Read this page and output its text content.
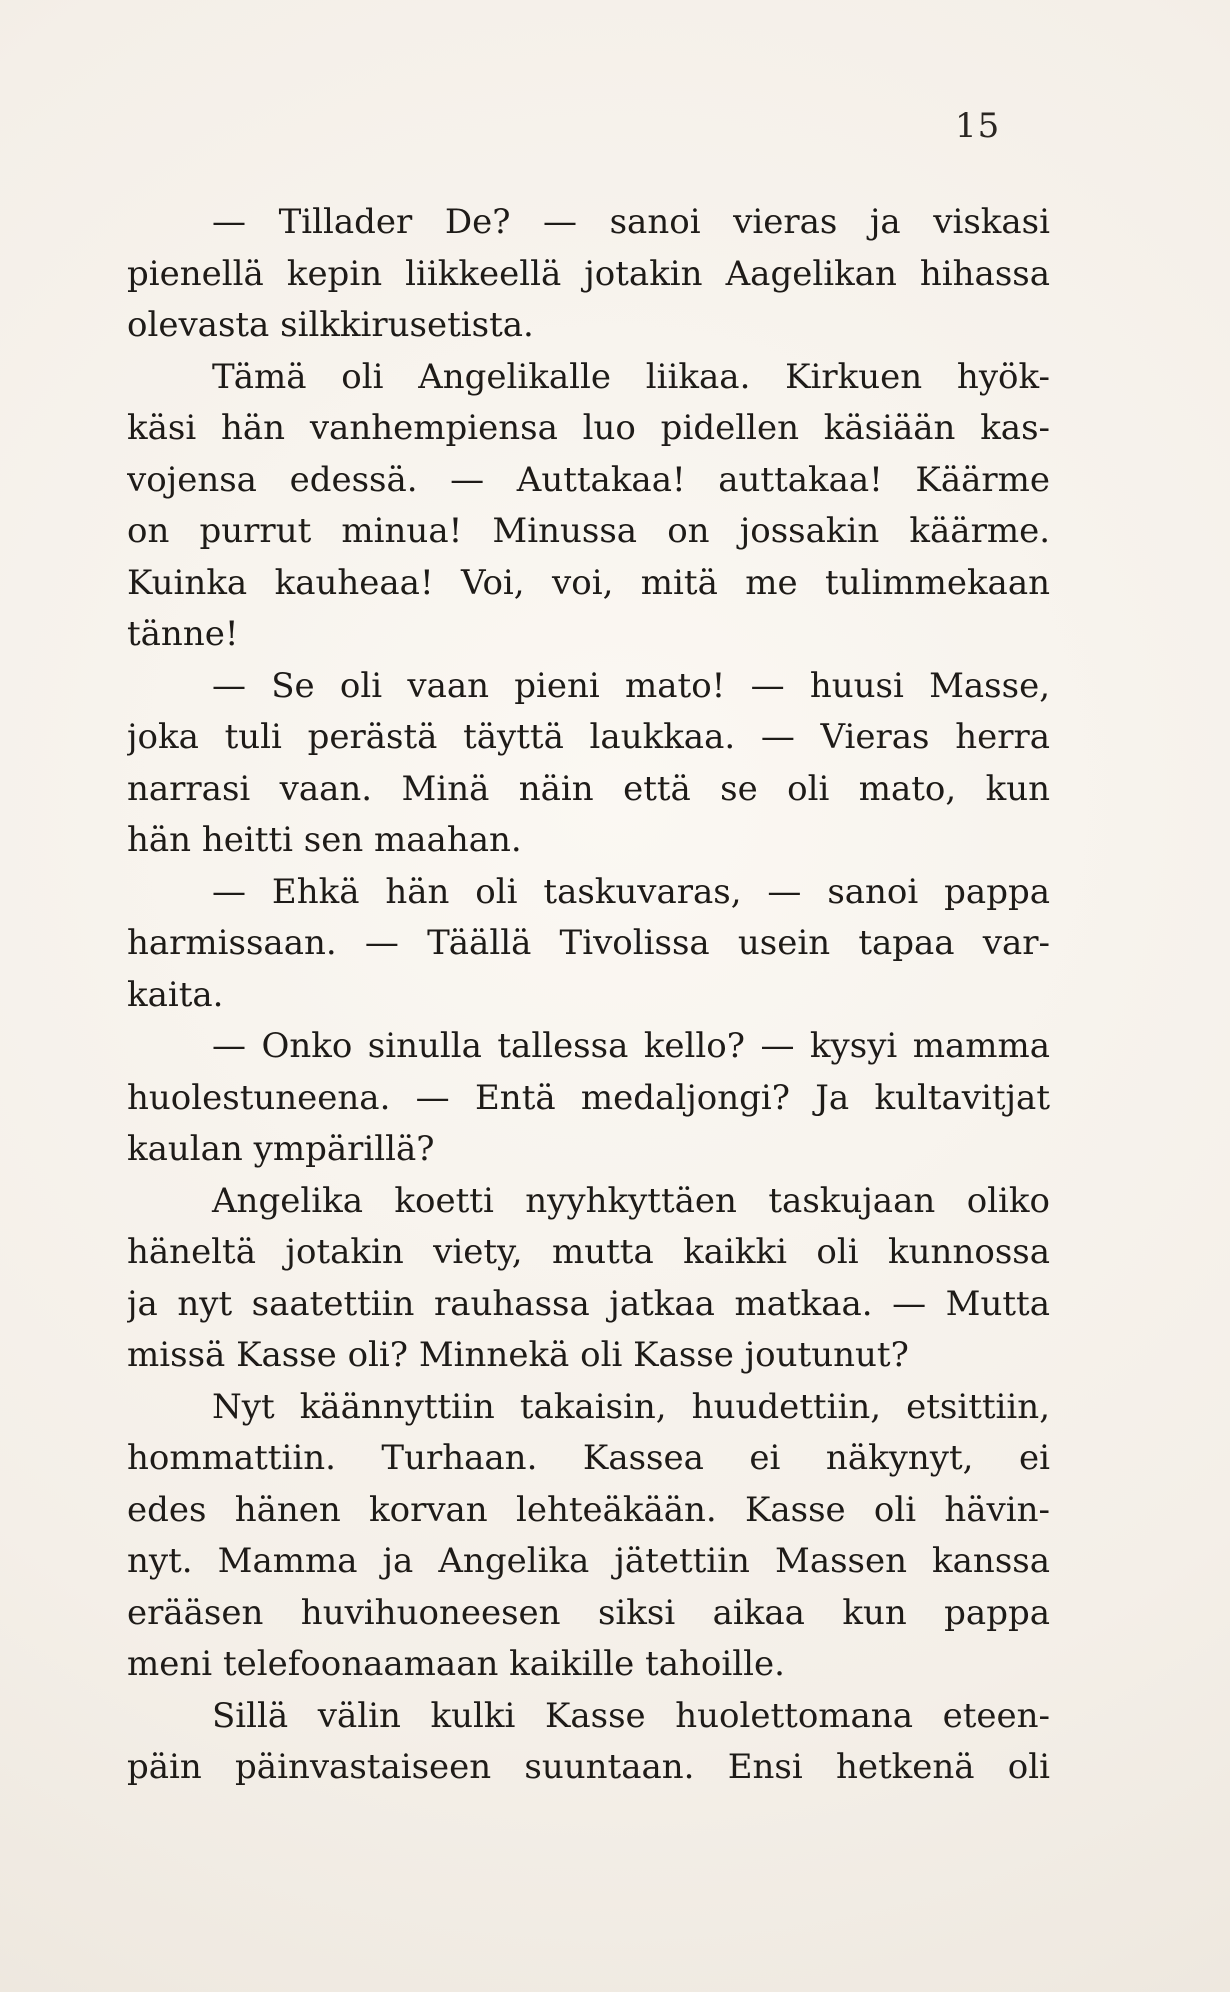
15
— Tillader De? — sanoi vieras ja viskasi
pienellä kepin liikkeellä jotakin Aagelikan hihassa
olevasta silkkirusetista.
Tämä oli Angelikalle liikaa. Kirkuen hyök-
käsi hän vanhempiensa luo pidellen käsiään kas-
vojensa edessä. — Auttakaa! auttakaa! Käärme
on purrut minua! Minussa on jossakin käärme.
Kuinka kauheaa! Voi, voi, mitä me tulimmekaan
tänne!
— Se oli vaan pieni mato! — huusi Masse,
joka tuli perästä täyttä laukkaa. — Vieras herra
narrasi vaan. Minä näin että se oli mato, kun
hän heitti sen maahan.
— Ehkä hän oli taskuvaras, — sanoi pappa
harmissaan. — Täällä Tivolissa usein tapaa var-
kaita.
— Onko sinulla tallessa kello? — kysyi mamma
huolestuneena. — Entä medaljongi? Ja kultavitjat
kaulan ympärillä?
Angelika koetti nyyhkyttäen taskujaan oliko
häneltä jotakin viety, mutta kaikki oli kunnossa
ja nyt saatettiin rauhassa jatkaa matkaa. — Mutta
missä Kasse oli? Minnekä oli Kasse joutunut?
Nyt käännyttiin takaisin, huudettiin, etsittiin,
hommattiin. Turhaan. Kassea ei näkynyt, ei
edes hänen korvan lehteäkään. Kasse oli hävin-
nyt. Mamma ja Angelika jätettiin Massen kanssa
erääsen huvihuoneesen siksi aikaa kun pappa
meni telefoonaamaan kaikille tahoille.
Sillä välin kulki Kasse huolettomana eteen-
päin päinvastaiseen suuntaan. Ensi hetkenä oli
